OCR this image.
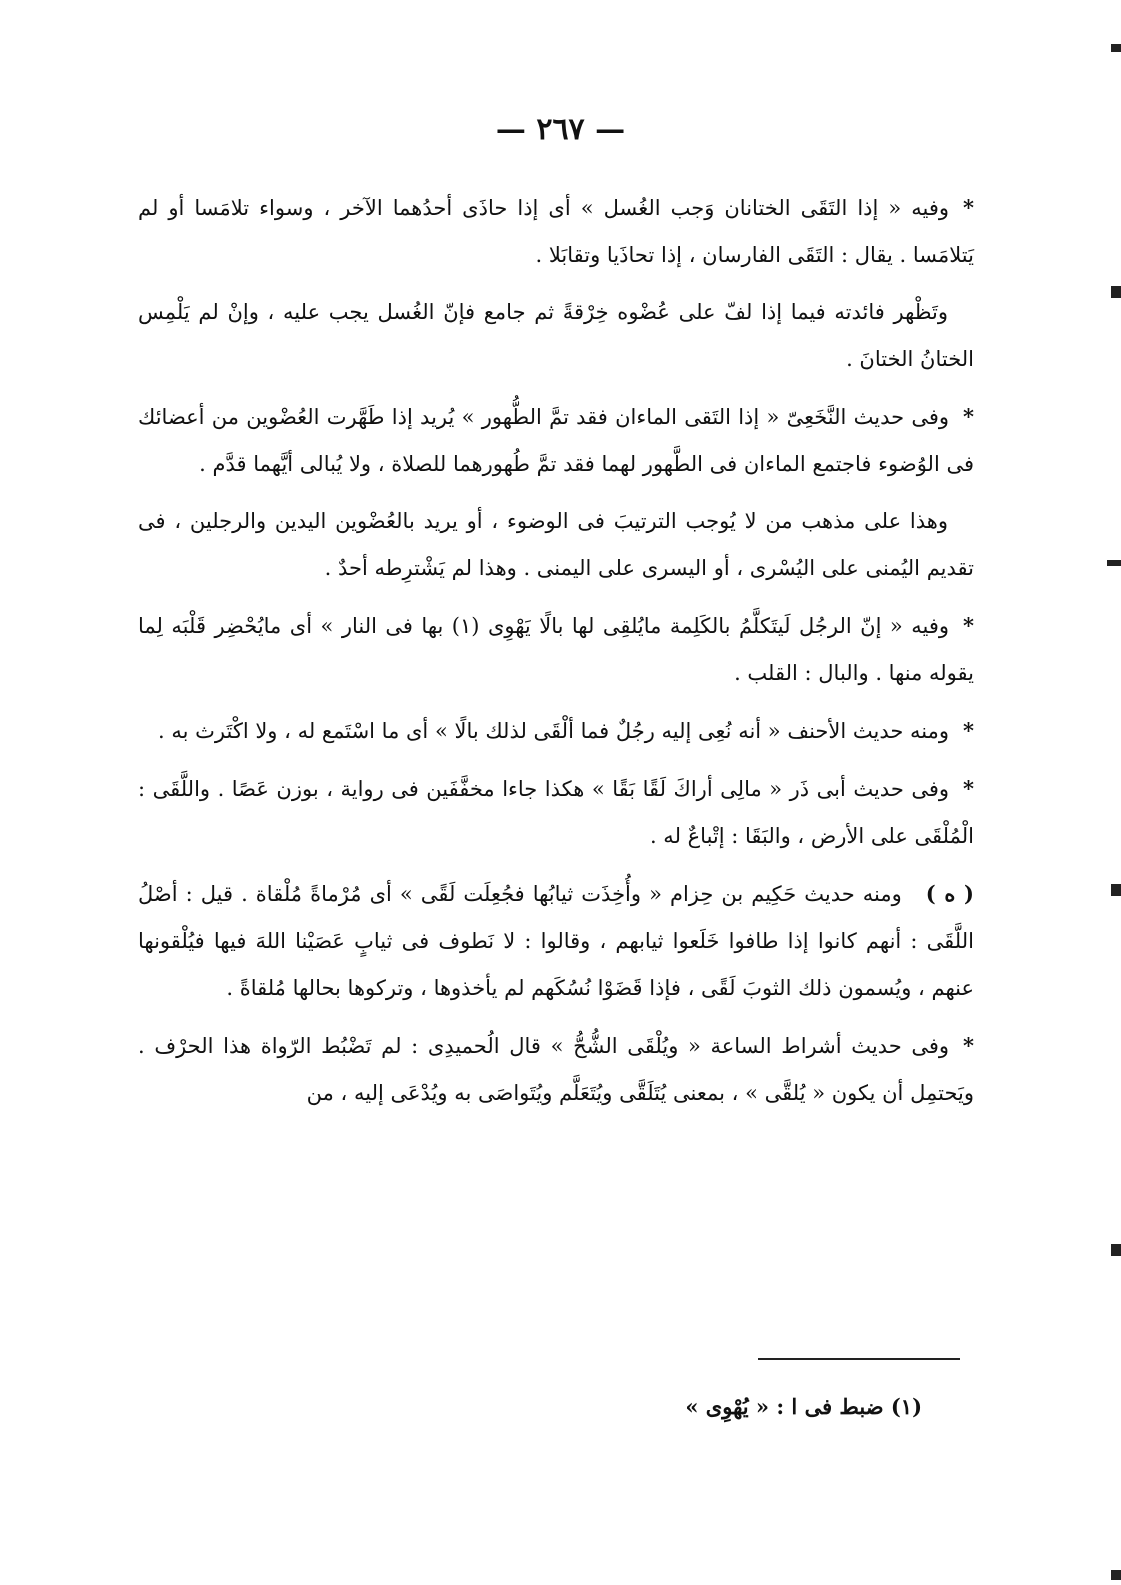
— ٢٦٧ —

*وفيه « إذا التَقَى الختانان وَجب الغُسل » أى إذا حاذَى أحدُهما الآخر ، وسواء تلامَسا أو لم يَتلامَسا . يقال : التَقَى الفارسان ، إذا تحاذَيا وتقابَلا .

وتَظْهر فائدته فيما إذا لفّ على عُضْوه خِرْقةً ثم جامع فإنّ الغُسل يجب عليه ، وإنْ لم يَلْمِس الختانُ الختانَ .

*وفى حديث النَّخَعِىّ « إذا التَقى الماءان فقد تمَّ الطُّهور » يُريد إذا طَهَّرت العُضْوين من أعضائك فى الوُضوء فاجتمع الماءان فى الطَّهور لهما فقد تمَّ طُهورهما للصلاة ، ولا يُبالى أيَّهما قدَّم .

وهذا على مذهب من لا يُوجب الترتيبَ فى الوضوء ، أو يريد بالعُضْوين اليدين والرجلين ، فى تقديم اليُمنى على اليُسْرى ، أو اليسرى على اليمنى . وهذا لم يَشْترِطه أحدٌ .

*وفيه « إنّ الرجُل لَيتَكلَّمُ بالكَلِمة مايُلقِى لها بالًا يَهْوِى (١) بها فى النار » أى مايُحْضِر قَلْبَه لِما يقوله منها . والبال : القلب .

*ومنه حديث الأحنف « أنه نُعِى إليه رجُلٌ فما ألْقَى لذلك بالًا » أى ما اسْتَمع له ، ولا اكْتَرث به .

*وفى حديث أبى ذَر « مالِى أراكَ لَقًا بَقًا » هكذا جاءا مخفَّفَين فى رواية ، بوزن عَصًا . واللَّقَى : الْمُلْقَى على الأرض ، والبَقَا : إتْباعٌ له .

( ه )ومنه حديث حَكِيم بن حِزام « وأُخِذَت ثيابُها فجُعِلَت لَقًى » أى مُرْماةً مُلْقاة . قيل : أصْلُ اللَّقَى : أنهم كانوا إذا طافوا خَلَعوا ثيابهم ، وقالوا : لا نَطوف فى ثيابٍ عَصَيْنا اللهَ فيها فيُلْقونها عنهم ، ويُسمون ذلك الثوبَ لَقًى ، فإذا قَضَوْا نُسُكَهم لم يأخذوها ، وتركوها بحالها مُلقاةً .

*وفى حديث أشراط الساعة « ويُلْقَى الشُّحُّ » قال الُحميدِى : لم تَضْبُط الرّواة هذا الحرْف . ويَحتمِل أن يكون « يُلقَّى » ، بمعنى يُتَلَقَّى ويُتَعَلَّم ويُتَواصَى به ويُدْعَى إليه ، من

(١) ضبط فى ا : « يُهْوِى »
